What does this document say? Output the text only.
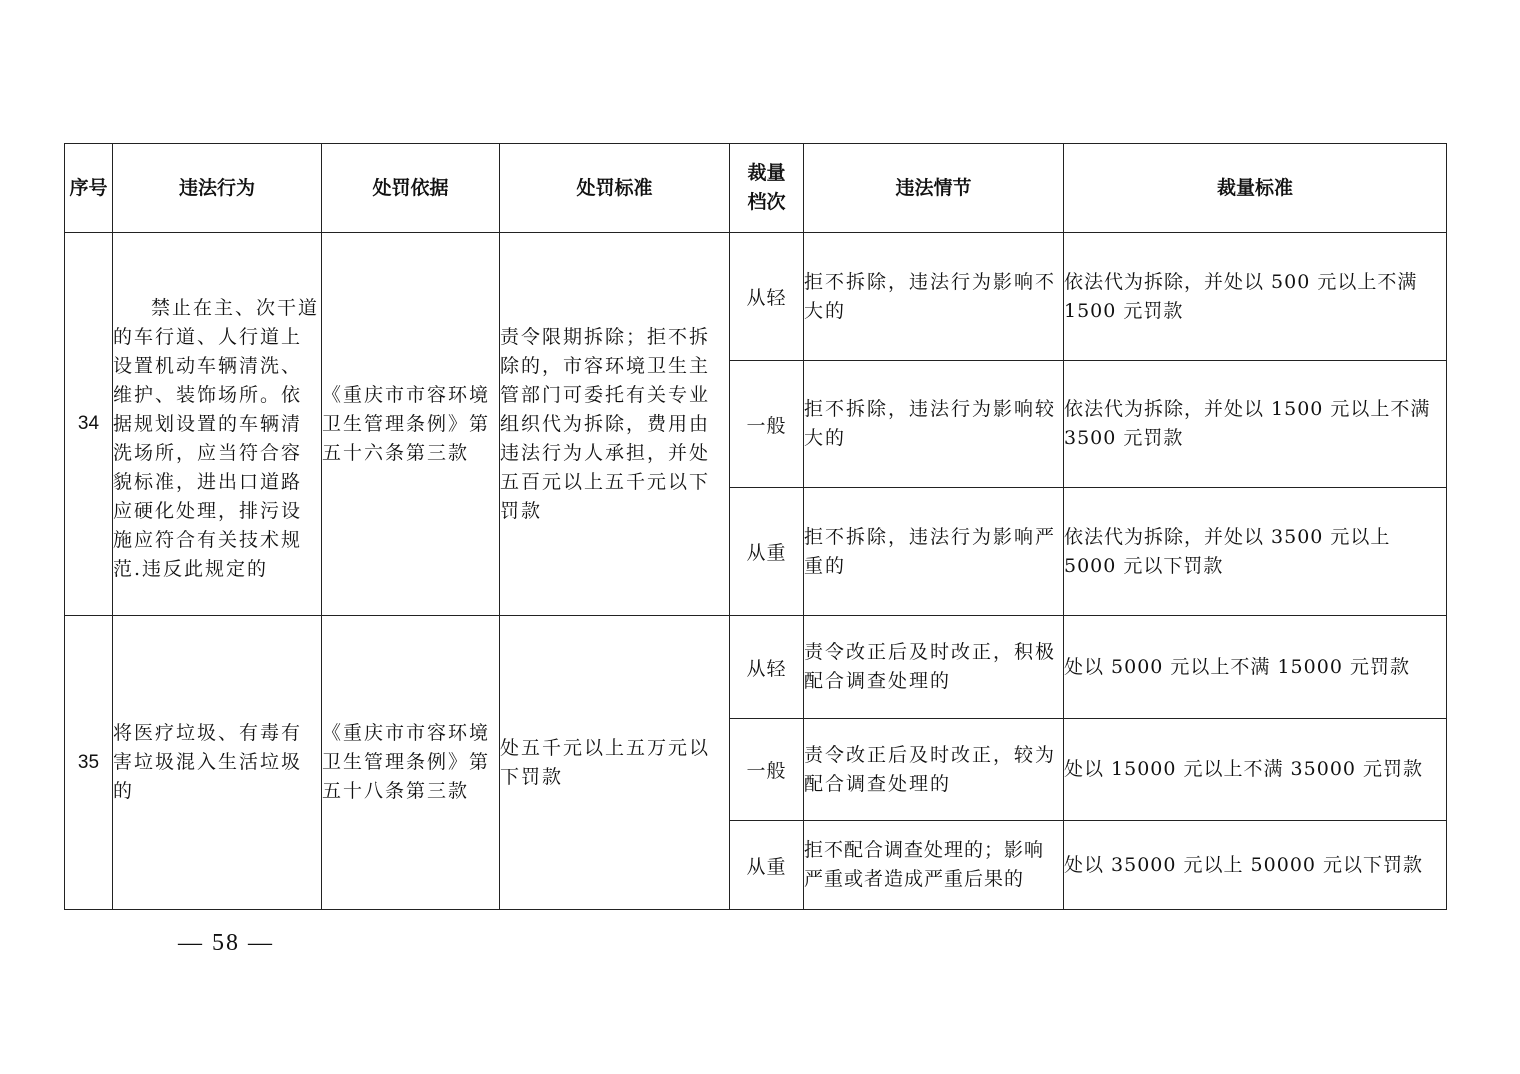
序号	违法行为	处罚依据	处罚标准	裁量档次	违法情节	裁量标准
34	禁止在主、次干道的车行道、人行道上设置机动车辆清洗、维护、装饰场所。依据规划设置的车辆清洗场所，应当符合容貌标准，进出口道路应硬化处理，排污设施应符合有关技术规范.违反此规定的	《重庆市市容环境卫生管理条例》第五十六条第三款	责令限期拆除；拒不拆除的，市容环境卫生主管部门可委托有关专业组织代为拆除，费用由违法行为人承担，并处五百元以上五千元以下罚款	从轻	拒不拆除，违法行为影响不大的	依法代为拆除，并处以 500 元以上不满 1500 元罚款
				一般	拒不拆除，违法行为影响较大的	依法代为拆除，并处以 1500 元以上不满 3500 元罚款
				从重	拒不拆除，违法行为影响严重的	依法代为拆除，并处以 3500 元以上 5000 元以下罚款
35	将医疗垃圾、有毒有害垃圾混入生活垃圾的	《重庆市市容环境卫生管理条例》第五十八条第三款	处五千元以上五万元以下罚款	从轻	责令改正后及时改正，积极配合调查处理的	处以 5000 元以上不满 15000 元罚款
				一般	责令改正后及时改正，较为配合调查处理的	处以 15000 元以上不满 35000 元罚款
				从重	拒不配合调查处理的；影响严重或者造成严重后果的	处以 35000 元以上 50000 元以下罚款
— 58 —
